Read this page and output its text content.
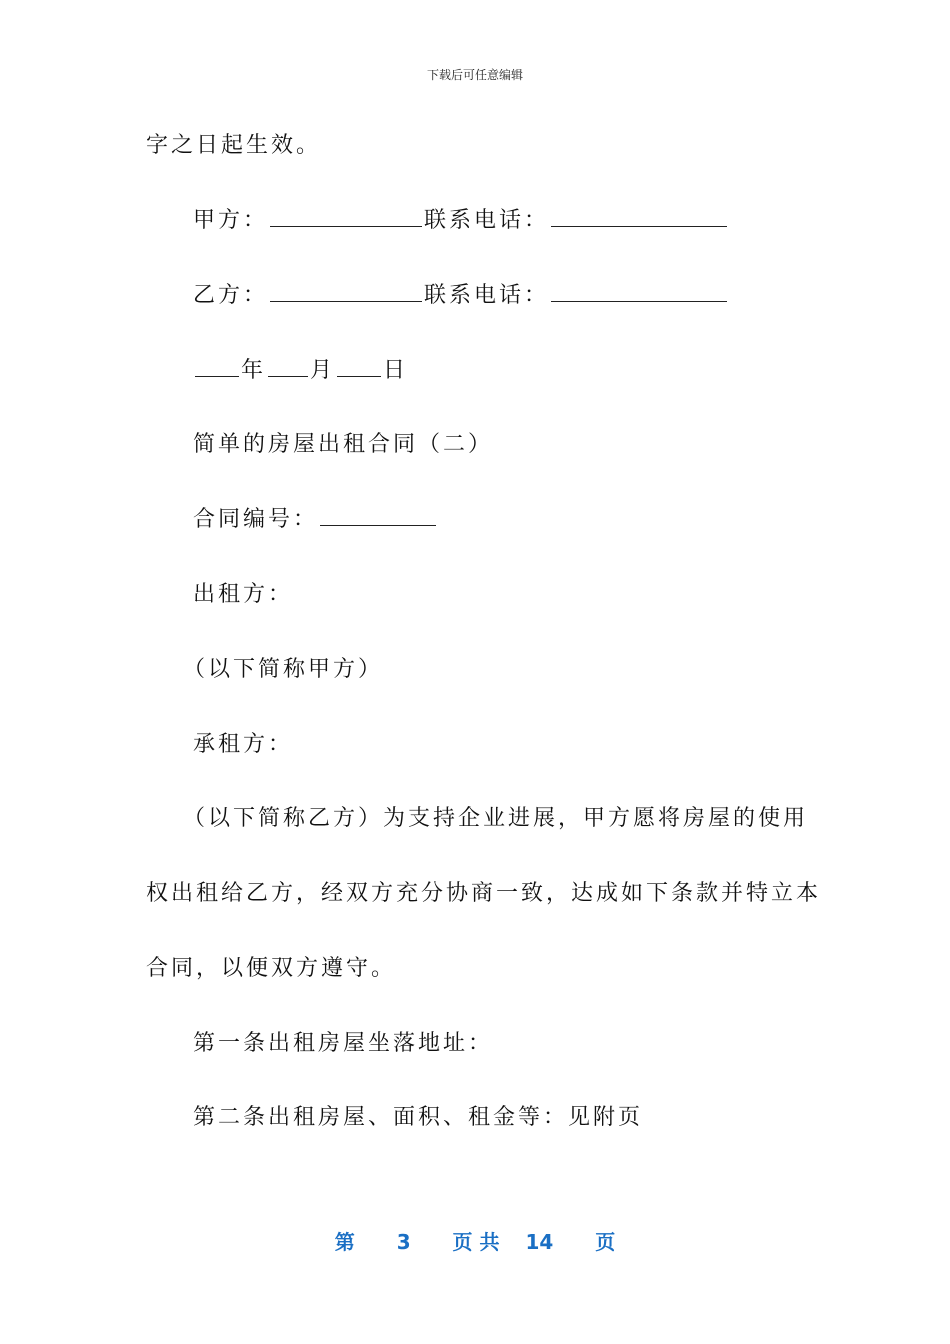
下载后可任意编辑
字之日起生效。
甲方：	联系电话：
乙方：	联系电话：
年 月 日
简单的房屋出租合同（二）
合同编号：
出租方：
（以下简称甲方）
承租方：
（以下简称乙方）为支持企业进展，甲方愿将房屋的使用
权出租给乙方，经双方充分协商一致，达成如下条款并特立本
合同，以便双方遵守。
第一条出租房屋坐落地址：
第二条出租房屋、面积、租金等：见附页
第 3 页 共 14 页
